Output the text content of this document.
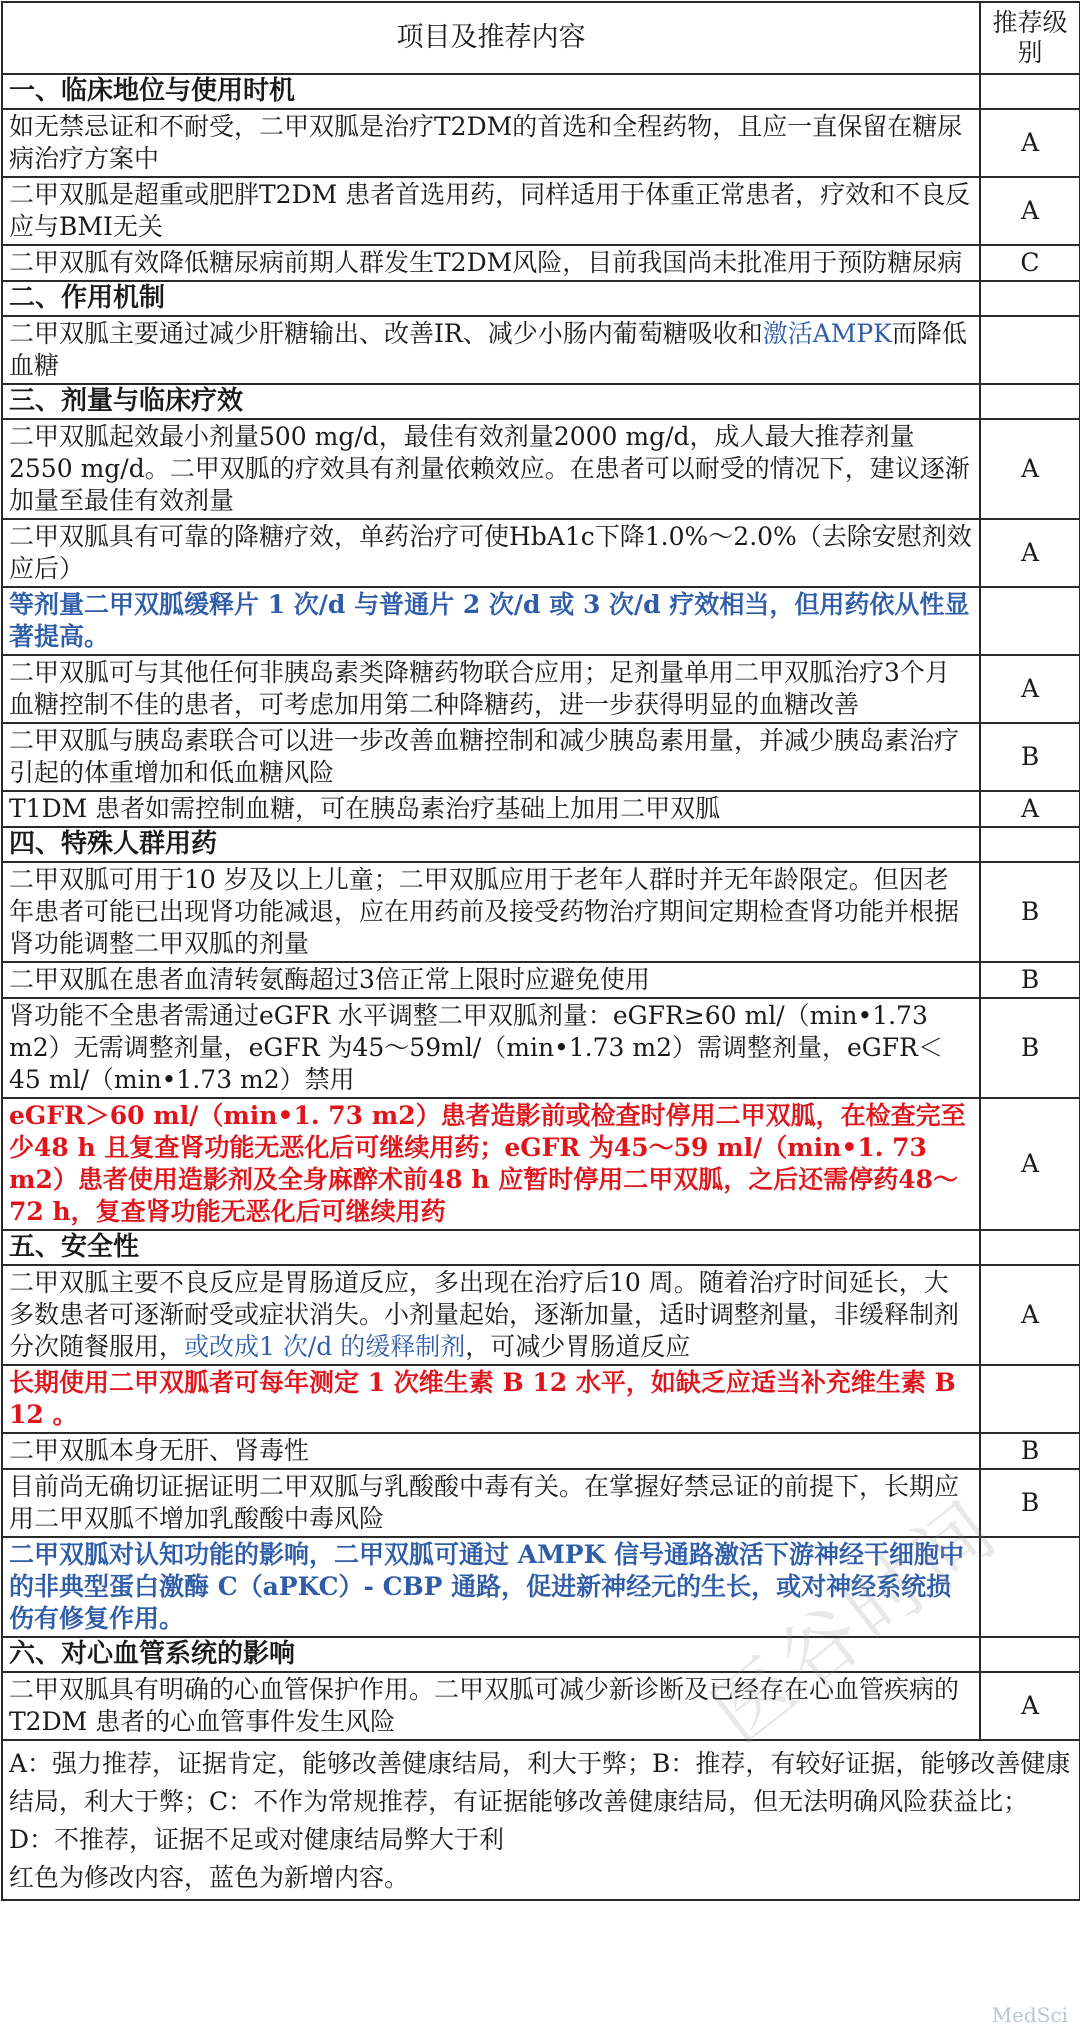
项目及推荐内容	推荐级别
一、临床地位与使用时机	
如无禁忌证和不耐受，二甲双胍是治疗T2DM的首选和全程药物，且应一直保留在糖尿病治疗方案中	A
二甲双胍是超重或肥胖T2DM 患者首选用药，同样适用于体重正常患者，疗效和不良反应与BMI无关	A
二甲双胍有效降低糖尿病前期人群发生T2DM风险，目前我国尚未批准用于预防糖尿病	C
二、作用机制	
二甲双胍主要通过减少肝糖输出、改善IR、减少小肠内葡萄糖吸收和激活AMPK而降低血糖	
三、剂量与临床疗效	
二甲双胍起效最小剂量500 mg/d，最佳有效剂量2000 mg/d，成人最大推荐剂量2550 mg/d。二甲双胍的疗效具有剂量依赖效应。在患者可以耐受的情况下，建议逐渐加量至最佳有效剂量	A
二甲双胍具有可靠的降糖疗效，单药治疗可使HbA1c下降1.0%～2.0%（去除安慰剂效应后）	A
等剂量二甲双胍缓释片 1 次/d 与普通片 2 次/d 或 3 次/d 疗效相当，但用药依从性显著提高。	
二甲双胍可与其他任何非胰岛素类降糖药物联合应用；足剂量单用二甲双胍治疗3个月血糖控制不佳的患者，可考虑加用第二种降糖药，进一步获得明显的血糖改善	A
二甲双胍与胰岛素联合可以进一步改善血糖控制和减少胰岛素用量，并减少胰岛素治疗引起的体重增加和低血糖风险	B
T1DM 患者如需控制血糖，可在胰岛素治疗基础上加用二甲双胍	A
四、特殊人群用药	
二甲双胍可用于10 岁及以上儿童；二甲双胍应用于老年人群时并无年龄限定。但因老年患者可能已出现肾功能减退，应在用药前及接受药物治疗期间定期检查肾功能并根据肾功能调整二甲双胍的剂量	B
二甲双胍在患者血清转氨酶超过3倍正常上限时应避免使用	B
肾功能不全患者需通过eGFR 水平调整二甲双胍剂量：eGFR≥60 ml/（min•1.73 m2）无需调整剂量，eGFR 为45～59ml/（min•1.73 m2）需调整剂量，eGFR＜45 ml/（min•1.73 m2）禁用	B
eGFR＞60 ml/（min•1. 73 m2）患者造影前或检查时停用二甲双胍，在检查完至少48 h 且复查肾功能无恶化后可继续用药；eGFR 为45～59 ml/（min•1. 73 m2）患者使用造影剂及全身麻醉术前48 h 应暂时停用二甲双胍，之后还需停药48～72 h，复查肾功能无恶化后可继续用药	A
五、安全性	
二甲双胍主要不良反应是胃肠道反应，多出现在治疗后10 周。随着治疗时间延长，大多数患者可逐渐耐受或症状消失。小剂量起始，逐渐加量，适时调整剂量，非缓释制剂分次随餐服用，或改成1 次/d 的缓释制剂，可减少胃肠道反应	A
长期使用二甲双胍者可每年测定 1 次维生素 B 12 水平，如缺乏应适当补充维生素 B 12 。	
二甲双胍本身无肝、肾毒性	B
目前尚无确切证据证明二甲双胍与乳酸酸中毒有关。在掌握好禁忌证的前提下，长期应用二甲双胍不增加乳酸酸中毒风险	B
二甲双胍对认知功能的影响，二甲双胍可通过 AMPK 信号通路激活下游神经干细胞中的非典型蛋白激酶 C（aPKC）- CBP 通路，促进新神经元的生长，或对神经系统损伤有修复作用。	
六、对心血管系统的影响	
二甲双胍具有明确的心血管保护作用。二甲双胍可减少新诊断及已经存在心血管疾病的T2DM 患者的心血管事件发生风险	A

A：强力推荐，证据肯定，能够改善健康结局，利大于弊；B：推荐，有较好证据，能够改善健康结局，利大于弊；C：不作为常规推荐，有证据能够改善健康结局，但无法明确风险获益比；D：不推荐，证据不足或对健康结局弊大于利
红色为修改内容，蓝色为新增内容。	
医谷时间
MedSci
